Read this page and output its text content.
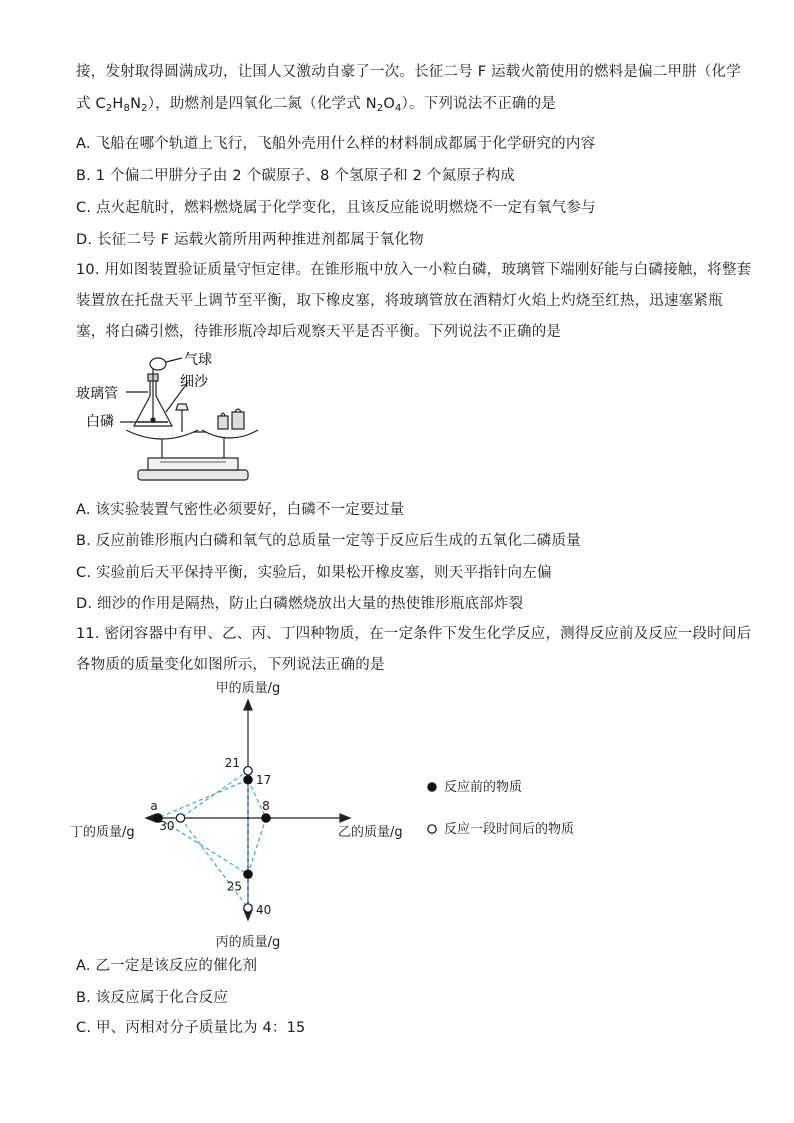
接，发射取得圆满成功，让国人又激动自豪了一次。长征二号 F 运载火箭使用的燃料是偏二甲肼（化学
式 $C_2H_8N_2$），助燃剂是四氧化二氮（化学式 $N_2O_4$）。下列说法不正确的是
A. 飞船在哪个轨道上飞行，飞船外壳用什么样的材料制成都属于化学研究的内容
B. 1 个偏二甲肼分子由 2 个碳原子、8 个氢原子和 2 个氮原子构成
C. 点火起航时，燃料燃烧属于化学变化，且该反应能说明燃烧不一定有氧气参与
D. 长征二号 F 运载火箭所用两种推进剂都属于氧化物
10. 用如图装置验证质量守恒定律。在锥形瓶中放入一小粒白磷，玻璃管下端刚好能与白磷接触，将整套
装置放在托盘天平上调节至平衡，取下橡皮塞，将玻璃管放在酒精灯火焰上灼烧至红热，迅速塞紧瓶
塞，将白磷引燃，待锥形瓶冷却后观察天平是否平衡。下列说法不正确的是
气球
细沙
玻璃管
白磷
A. 该实验装置气密性必须要好，白磷不一定要过量
B. 反应前锥形瓶内白磷和氧气的总质量一定等于反应后生成的五氧化二磷质量
C. 实验前后天平保持平衡，实验后，如果松开橡皮塞，则天平指针向左偏
D. 细沙的作用是隔热，防止白磷燃烧放出大量的热使锥形瓶底部炸裂
11. 密闭容器中有甲、乙、丙、丁四种物质，在一定条件下发生化学反应，测得反应前及反应一段时间后
各物质的质量变化如图所示，下列说法正确的是
甲的质量/g
乙的质量/g
丙的质量/g
丁的质量/g
17
21
8
25
40
a
30
反应前的物质
反应一段时间后的物质
A. 乙一定是该反应的催化剂
B. 该反应属于化合反应
C. 甲、丙相对分子质量比为 4：15
